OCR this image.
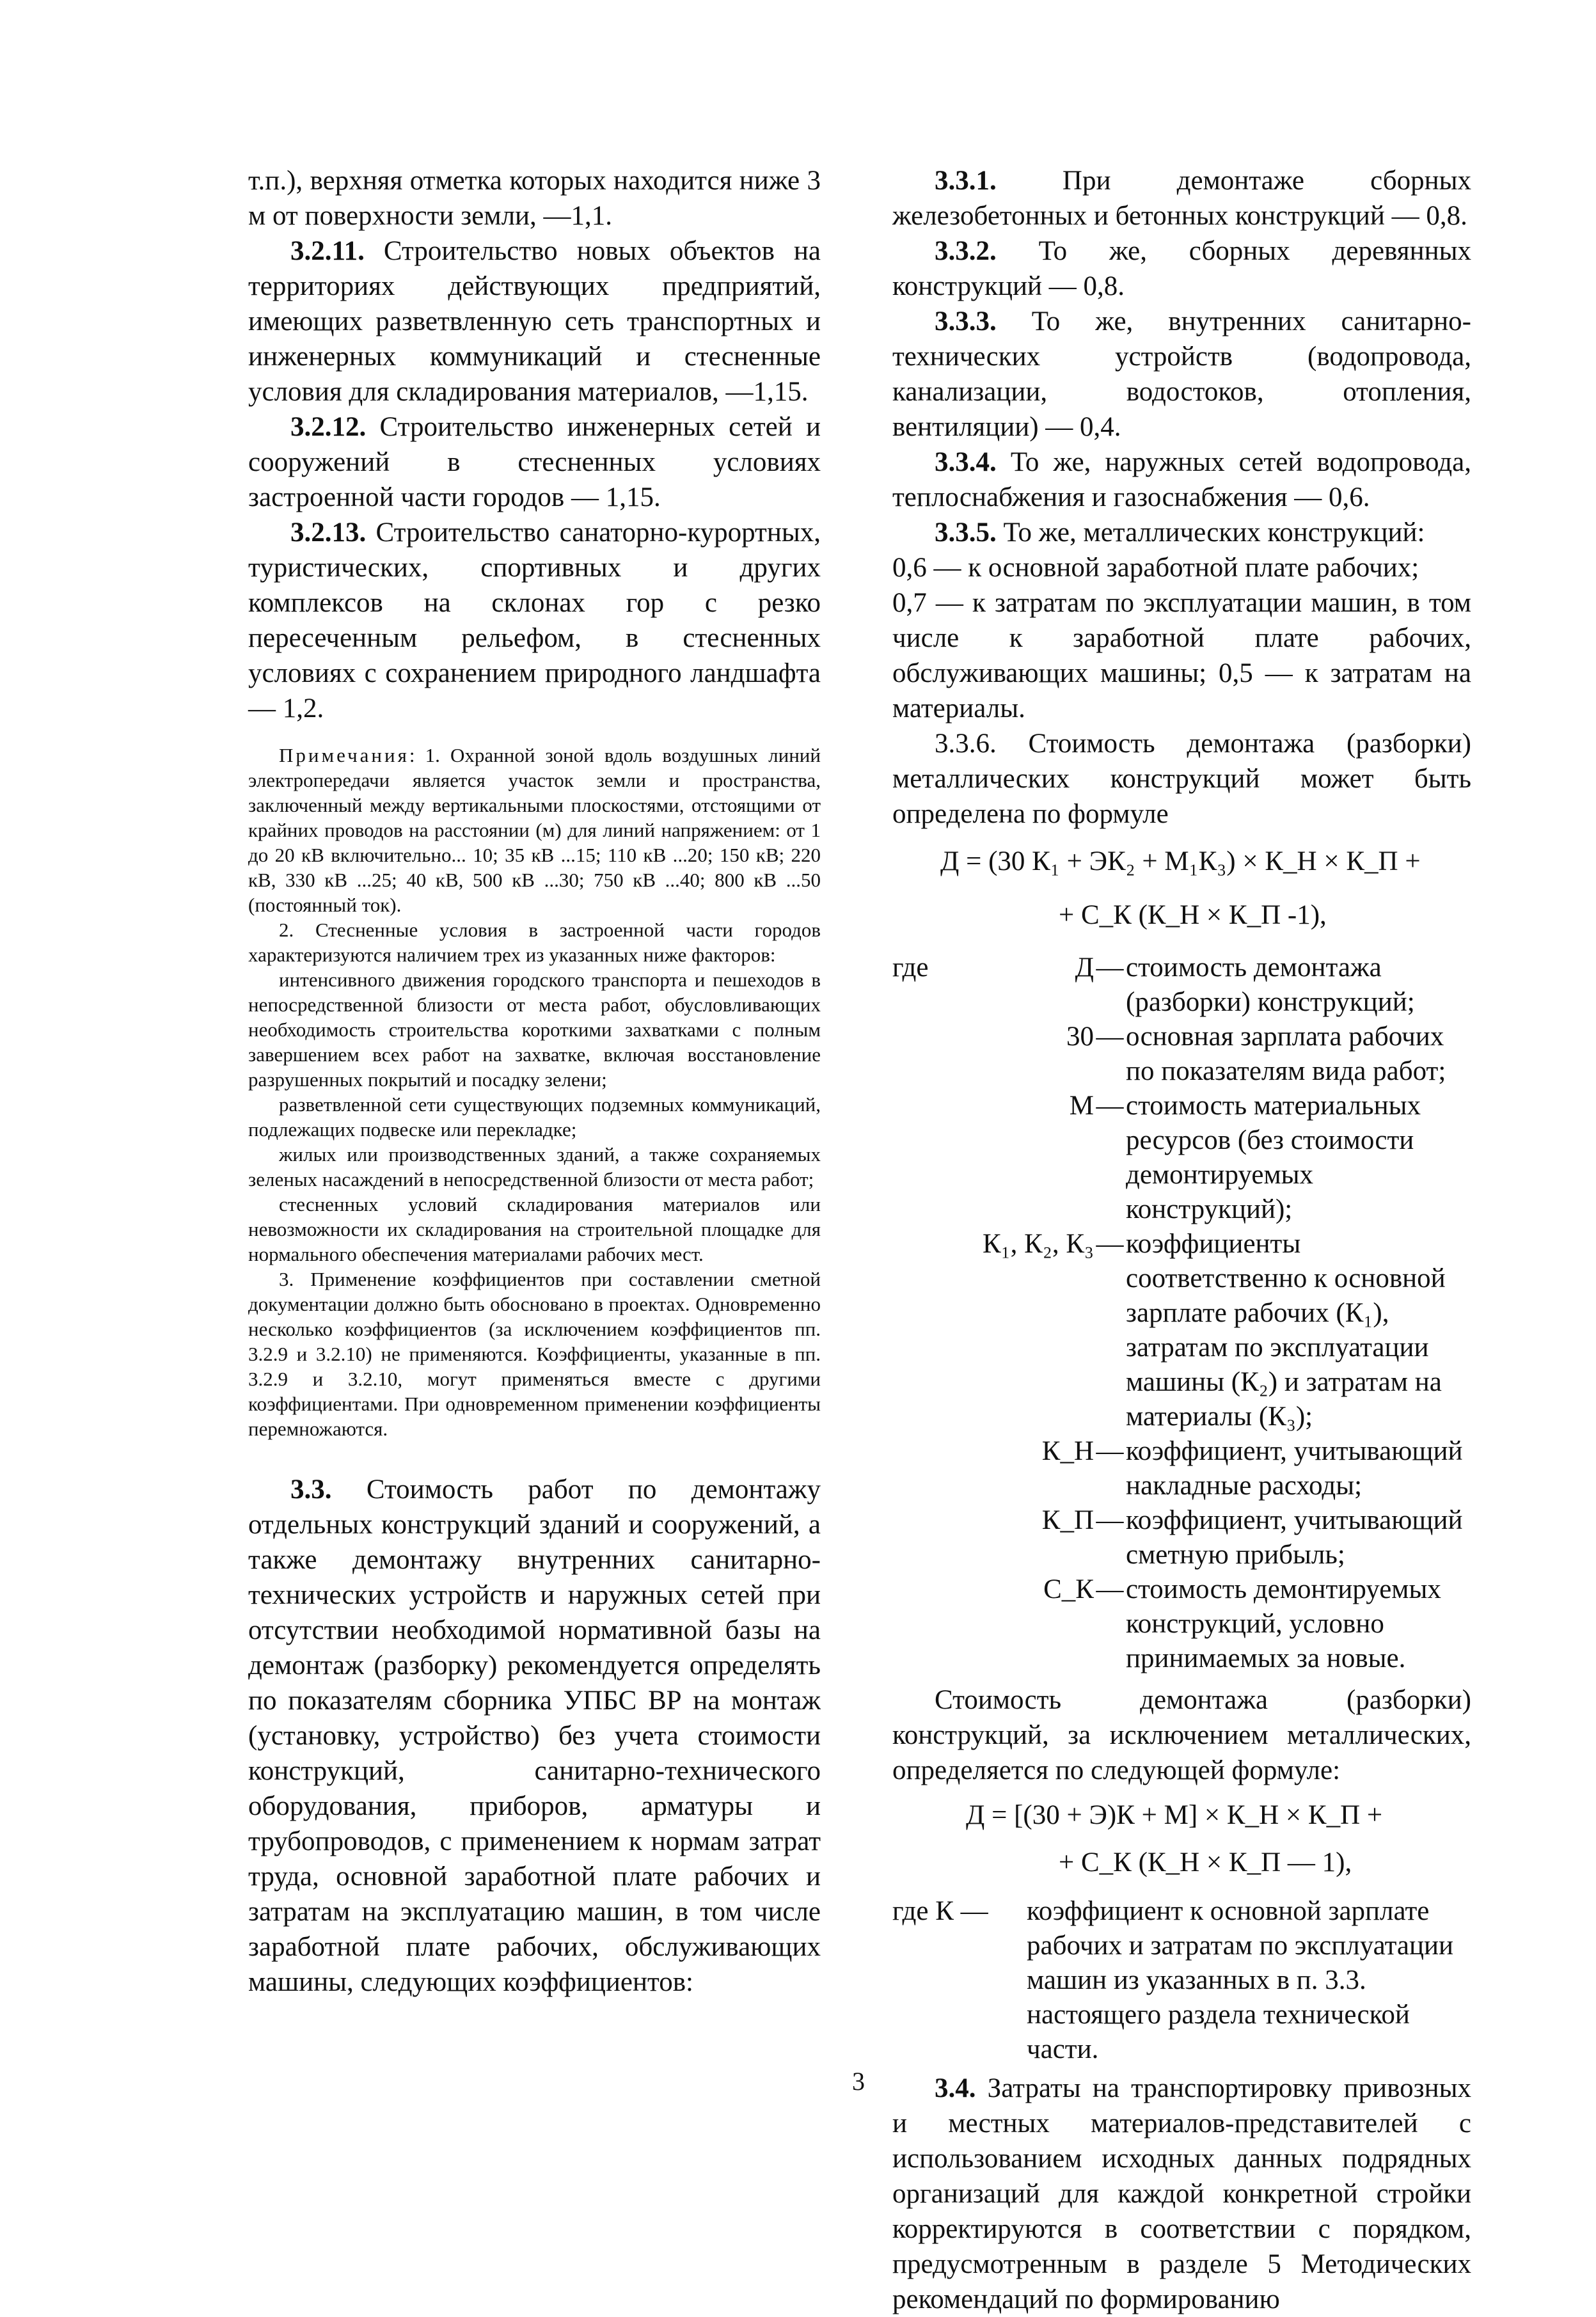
т.п.), верхняя отметка которых находится ниже 3 м от поверхности земли, —1,1.

3.2.11. Строительство новых объектов на территориях действующих предприятий, имеющих разветвленную сеть транспортных и инженерных коммуникаций и стесненные условия для складирования материалов, —1,15.

3.2.12. Строительство инженерных сетей и сооружений в стесненных условиях застроенной части городов — 1,15.

3.2.13. Строительство санаторно-курортных, туристических, спортивных и других комплексов на склонах гор с резко пересеченным рельефом, в стесненных условиях с сохранением природного ландшафта — 1,2.

Примечания: 1. Охранной зоной вдоль воздушных линий электропередачи является участок земли и пространства, заключенный между вертикальными плоскостями, отстоящими от крайних проводов на расстоянии (м) для линий напряжением: от 1 до 20 кВ включительно... 10; 35 кВ ...15; 110 кВ ...20; 150 кВ; 220 кВ, 330 кВ ...25; 40 кВ, 500 кВ ...30; 750 кВ ...40; 800 кВ ...50 (постоянный ток).

2. Стесненные условия в застроенной части городов характеризуются наличием трех из указанных ниже факторов:

интенсивного движения городского транспорта и пешеходов в непосредственной близости от места работ, обусловливающих необходимость строительства короткими захватками с полным завершением всех работ на захватке, включая восстановление разрушенных покрытий и посадку зелени;

разветвленной сети существующих подземных коммуникаций, подлежащих подвеске или перекладке;

жилых или производственных зданий, а также сохраняемых зеленых насаждений в непосредственной близости от места работ;

стесненных условий складирования материалов или невозможности их складирования на строительной площадке для нормального обеспечения материалами рабочих мест.

3. Применение коэффициентов при составлении сметной документации должно быть обосновано в проектах. Одновременно несколько коэффициентов (за исключением коэффициентов пп. 3.2.9 и 3.2.10) не применяются. Коэффициенты, указанные в пп. 3.2.9 и 3.2.10, могут применяться вместе с другими коэффициентами. При одновременном применении коэффициенты перемножаются.

3.3. Стоимость работ по демонтажу отдельных конструкций зданий и сооружений, а также демонтажу внутренних санитарно-технических устройств и наружных сетей при отсутствии необходимой нормативной базы на демонтаж (разборку) рекомендуется определять по показателям сборника УПБС ВР на монтаж (установку, устройство) без учета стоимости конструкций, санитарно-технического оборудования, приборов, арматуры и трубопроводов, с применением к нормам затрат труда, основной заработной плате рабочих и затратам на эксплуатацию машин, в том числе заработной плате рабочих, обслуживающих машины, следующих коэффициентов:

3.3.1. При демонтаже сборных железобетонных и бетонных конструкций — 0,8.

3.3.2. То же, сборных деревянных конструкций — 0,8.

3.3.3. То же, внутренних санитарно-технических устройств (водопровода, канализации, водостоков, отопления, вентиляции) — 0,4.

3.3.4. То же, наружных сетей водопровода, теплоснабжения и газоснабжения — 0,6.

3.3.5. То же, металлических конструкций:

0,6 — к основной заработной плате рабочих;

0,7 — к затратам по эксплуатации машин, в том числе к заработной плате рабочих, обслуживающих машины; 0,5 — к затратам на материалы.

3.3.6. Стоимость демонтажа (разборки) металлических конструкций может быть определена по формуле

Д = (30 К₁ + ЭК₂ + М₁К₃) × К_Н × К_П +
+ С_К (К_Н × К_П -1),
где	Д — стоимость демонтажа (разборки) конструкций;
30 — основная зарплата рабочих по показателям вида работ;
М — стоимость материальных ресурсов (без стоимости демонтируемых конструкций);
К₁, К₂, К₃ — коэффициенты соответственно к основной зарплате рабочих (К₁), затратам по эксплуатации машины (К₂) и затратам на материалы (К₃);
К_Н — коэффициент, учитывающий накладные расходы;
К_П — коэффициент, учитывающий сметную прибыль;
С_К — стоимость демонтируемых конструкций, условно принимаемых за новые.

Стоимость демонтажа (разборки) конструкций, за исключением металлических, определяется по следующей формуле:

Д = [(30 + Э)К + М] × К_Н × К_П +
+ С_К (К_Н × К_П — 1),
где К —	коэффициент к основной зарплате рабочих и затратам по эксплуатации машин из указанных в п. 3.3. настоящего раздела технической части.

3.4. Затраты на транспортировку привозных и местных материалов-представителей с использованием исходных данных подрядных организаций для каждой конкретной стройки корректируются в соответствии с порядком, предусмотренным в разделе 5 Методических рекомендаций по формированию

3
